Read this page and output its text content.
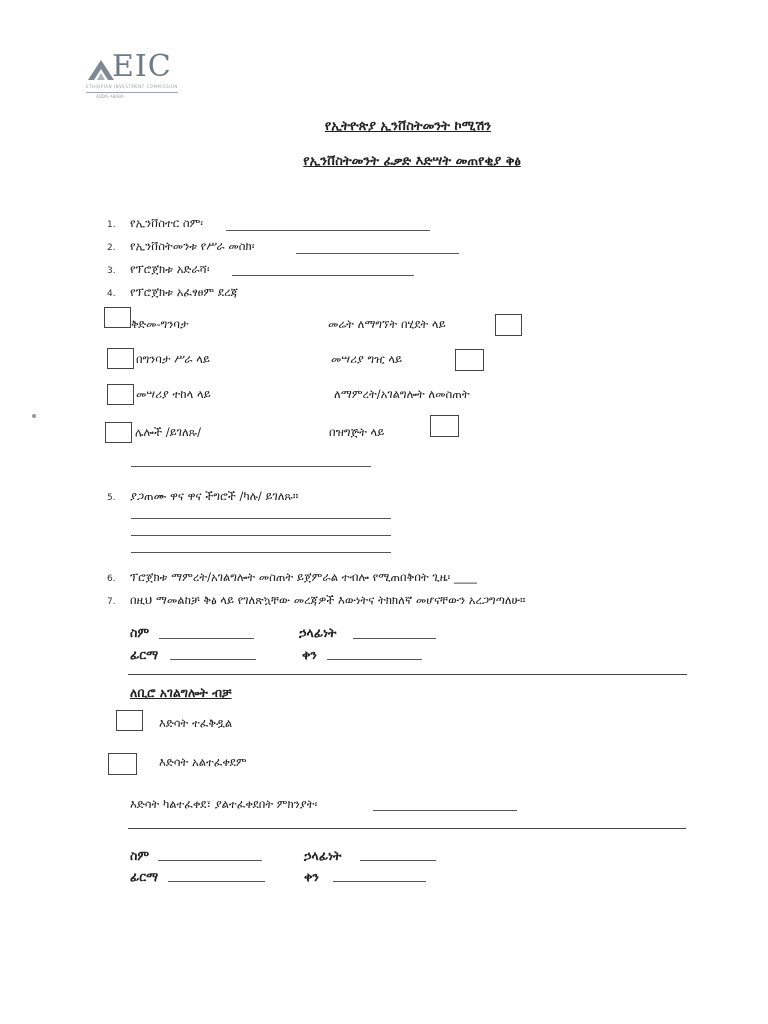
EIC
ETHIOPIAN INVESTMENT COMMISSION
ADDIS ABABA
የኢትዮጵያ ኢንቨስትመንት ኮሚሽን
የኢንቨስትመንት ፈቃድ እድሣት መጠየቂያ ቅፅ
1. የኢንቨስተር ስም፡
2. የኢንቨስትመንቱ የሥራ መስክ፡
3. የፕሮጀክቱ አድራሻ፡
4. የፕሮጀክቱ አፈፃፀም ደረጃ
ቅድመ-ግንባታ	መሬት ለማግኘት በሂደት ላይ
በግንባታ ሥራ ላይ	መሣሪያ ግዢ ላይ
መሣሪያ ተከላ ላይ	ለማምረት/አገልግሎት ለመስጠት
ሌሎች /ይገለጹ/	በዝግጅት ላይ
5. ያጋጠሙ ዋና ዋና ችግሮች /ካሉ/ ይገለጹ።
6. ፕሮጀክቱ ማምረት/አገልግሎት መስጠት ይጀምራል ተብሎ የሚጠበቅበት ጊዜ፡ ____
7. በዚህ ማመልከቻ ቅፅ ላይ የገለጽኳቸው መረጃዎች እውነትና ትክክለኛ መሆናቸውን አረጋግጣለሁ።
ስም	ኃላፊነት
ፊርማ	ቀን
ለቢሮ አገልግሎት ብቻ
እድሳት ተፈቅዷል
እድሳት አልተፈቀደም
እድሳት ካልተፈቀደ፣ ያልተፈቀደበት ምክንያት፡
ስም	ኃላፊነት
ፊርማ	ቀን
